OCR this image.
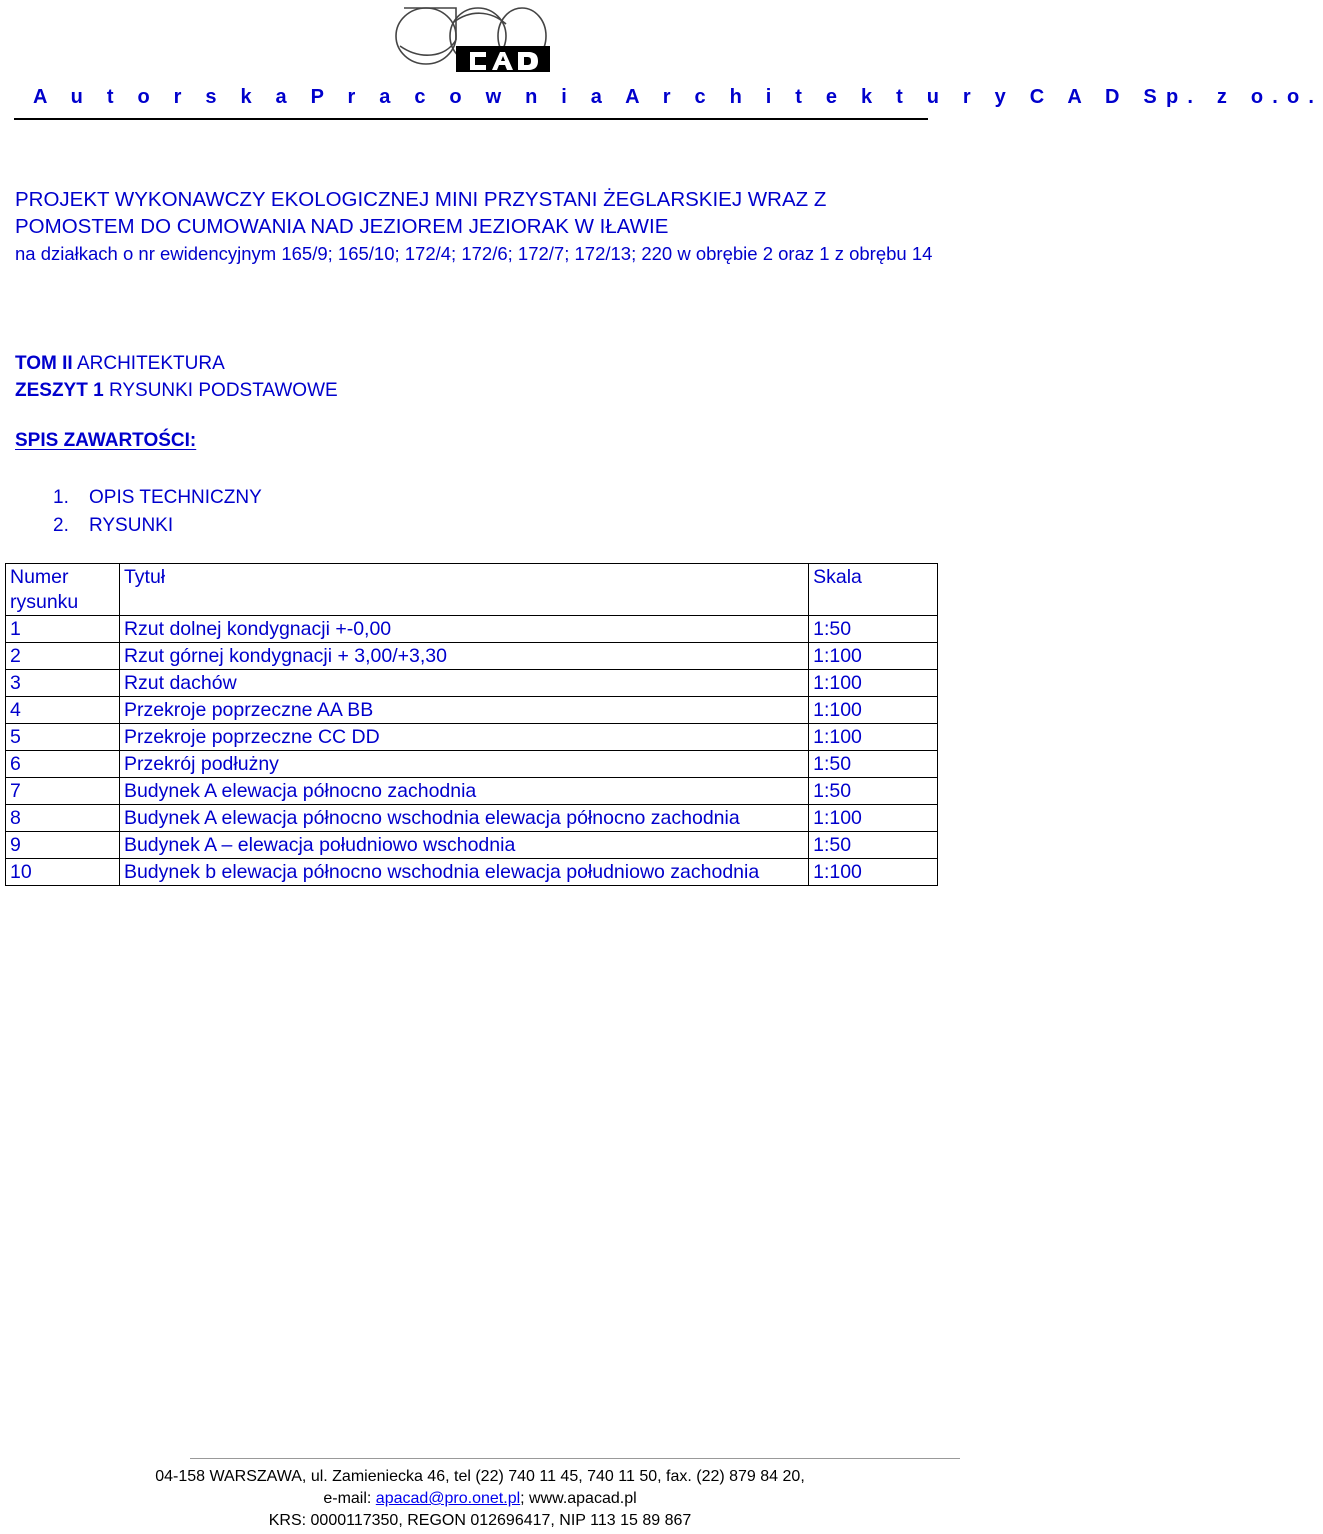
A u t o r s k a P r a c o w n i a A r c h i t e k t u r y C A D Sp. z o.o.

PROJEKT WYKONAWCZY EKOLOGICZNEJ MINI PRZYSTANI ŻEGLARSKIEJ WRAZ Z POMOSTEM DO CUMOWANIA NAD JEZIOREM JEZIORAK W IŁAWIE

na działkach o nr ewidencyjnym 165/9; 165/10; 172/4; 172/6; 172/7; 172/13; 220 w obrębie 2 oraz 1 z obrębu 14

TOM II ARCHITEKTURA
ZESZYT 1 RYSUNKI PODSTAWOWE
SPIS ZAWARTOŚCI:
1. OPIS TECHNICZNY
2. RYSUNKI
Numer rysunku	Tytuł	Skala
1	Rzut dolnej kondygnacji +-0,00	1:50
2	Rzut górnej kondygnacji + 3,00/+3,30	1:100
3	Rzut dachów	1:100
4	Przekroje poprzeczne AA BB	1:100
5	Przekroje poprzeczne CC DD	1:100
6	Przekrój podłużny	1:50
7	Budynek A elewacja północno zachodnia	1:50
8	Budynek A elewacja północno wschodnia elewacja północno zachodnia	1:100
9	Budynek A – elewacja południowo wschodnia	1:50
10	Budynek b elewacja północno wschodnia elewacja południowo zachodnia	1:100
04-158 WARSZAWA, ul. Zamieniecka 46, tel (22) 740 11 45, 740 11 50, fax. (22) 879 84 20,
e-mail: apacad@pro.onet.pl; www.apacad.pl
KRS: 0000117350, REGON 012696417, NIP 113 15 89 867
